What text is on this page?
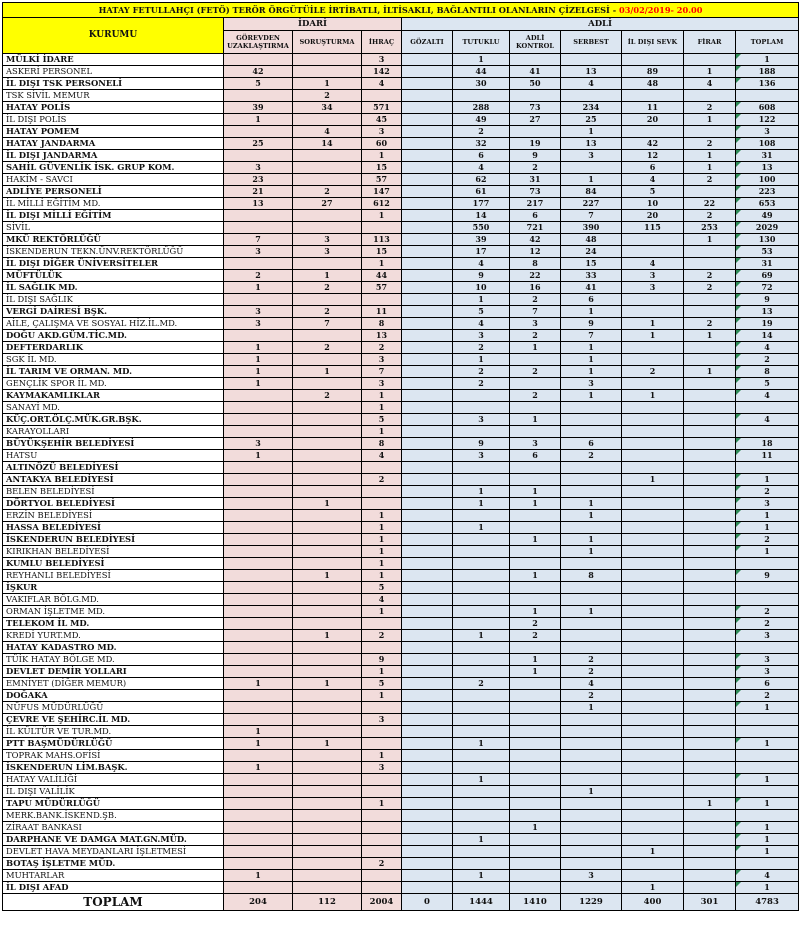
HATAY FETULLAHÇI (FETÖ) TERÖR ÖRGÜTÜİLE İRTİBATLI, İLTİSAKLI, BAĞLANTILI OLANLARIN ÇİZELGESİ - 03/02/2019- 20.00										
KURUMU	İDARİ			ADLİ						
	GÖREVDEN UZAKLAŞTIRMA	SORUŞTURMA	İHRAÇ	GÖZALTI	TUTUKLU	ADLİ KONTROL	SERBEST	İL DIŞI SEVK	FİRAR	TOPLAM
MÜLKİ İDARE			3		1					1
ASKERİ PERSONEL	42		142		44	41	13	89	1	188
İL DIŞI TSK PERSONELİ	5	1	4		30	50	4	48	4	136
TSK SİVİL MEMUR		2								
HATAY POLİS	39	34	571		288	73	234	11	2	608
İL DIŞI POLİS	1		45		49	27	25	20	1	122
HATAY POMEM		4	3		2		1			3
HATAY JANDARMA	25	14	60		32	19	13	42	2	108
İL DIŞI JANDARMA			1		6	9	3	12	1	31
SAHİL GÜVENLİK İSK. GRUP KOM.	3		15		4	2		6	1	13
HAKİM - SAVCI	23		57		62	31	1	4	2	100
ADLİYE PERSONELİ	21	2	147		61	73	84	5		223
İL MİLLİ EĞİTİM MD.	13	27	612		177	217	227	10	22	653
İL DIŞI MİLLİ EĞİTİM			1		14	6	7	20	2	49
SİVİL					550	721	390	115	253	2029
MKÜ REKTÖRLÜĞÜ	7	3	113		39	42	48		1	130
İSKENDERUN TEKN.ÜNV.REKTÖRLÜĞÜ	3	3	15		17	12	24			53
İL DIŞI DİĞER ÜNİVERSİTELER			1		4	8	15	4		31
MÜFTÜLÜK	2	1	44		9	22	33	3	2	69
İL SAĞLIK MD.	1	2	57		10	16	41	3	2	72
İL DIŞI SAĞLIK					1	2	6			9
VERGİ DAİRESİ BŞK.	3	2	11		5	7	1			13
AİLE, ÇALIŞMA VE SOSYAL HİZ.İL.MD.	3	7	8		4	3	9	1	2	19
DOĞU AKD.GÜM.TİC.MD.			13		3	2	7	1	1	14
DEFTERDARLIK	1	2	2		2	1	1			4
SGK İL MD.	1		3		1		1			2
İL TARIM VE ORMAN. MD.	1	1	7		2	2	1	2	1	8
GENÇLİK SPOR İL MD.	1		3		2		3			5
KAYMAKAMLIKLAR		2	1			2	1	1		4
SANAYİ MD.			1							
KÜÇ.ORT.ÖLÇ.MÜK.GR.BŞK.			5		3	1				4
KARAYOLLARI			1							
BÜYÜKŞEHİR BELEDİYESİ	3		8		9	3	6			18
HATSU	1		4		3	6	2			11
ALTINÖZÜ BELEDİYESİ										
ANTAKYA BELEDİYESİ			2					1		1
BELEN BELEDİYESİ					1	1				2
DÖRTYOL BELEDİYESİ		1			1	1	1			3
ERZİN BELEDİYESİ			1				1			1
HASSA BELEDİYESİ			1		1					1
İSKENDERUN BELEDİYESİ			1			1	1			2
KIRIKHAN BELEDİYESİ			1				1			1
KUMLU BELEDİYESİ			1							
REYHANLI BELEDİYESİ		1	1			1	8			9
İŞKUR			5							
VAKIFLAR BÖLG.MD.			4							
ORMAN İŞLETME MD.			1			1	1			2
TELEKOM İL MD.						2				2
KREDİ YURT.MD.		1	2		1	2				3
HATAY KADASTRO MD.										
TÜİK HATAY BÖLGE MD.			9			1	2			3
DEVLET DEMİR YOLLARI			1			1	2			3
EMNİYET (DİĞER MEMUR)	1	1	5		2		4			6
DOĞAKA			1				2			2
NÜFUS MÜDÜRLÜĞÜ							1			1
ÇEVRE VE ŞEHİRC.İL MD.			3							
İL KÜLTÜR VE TUR.MD.	1									
PTT BAŞMÜDÜRLÜĞÜ	1	1			1					1
TOPRAK MAHS.OFİSİ			1							
İSKENDERUN LİM.BAŞK.	1		3							
HATAY VALİLİĞİ					1					1
İL DIŞI VALİLİK							1			
TAPU MÜDÜRLÜĞÜ			1						1	1
MERK.BANK.İSKEND.ŞB.										
ZİRAAT BANKASI						1				1
DARPHANE VE DAMGA MAT.GN.MÜD.					1					1
DEVLET HAVA MEYDANLARI İŞLETMESİ								1		1
BOTAŞ İŞLETME MÜD.			2							
MUHTARLAR	1				1		3			4
İL DIŞI AFAD								1		1
TOPLAM	204	112	2004	0	1444	1410	1229	400	301	4783
